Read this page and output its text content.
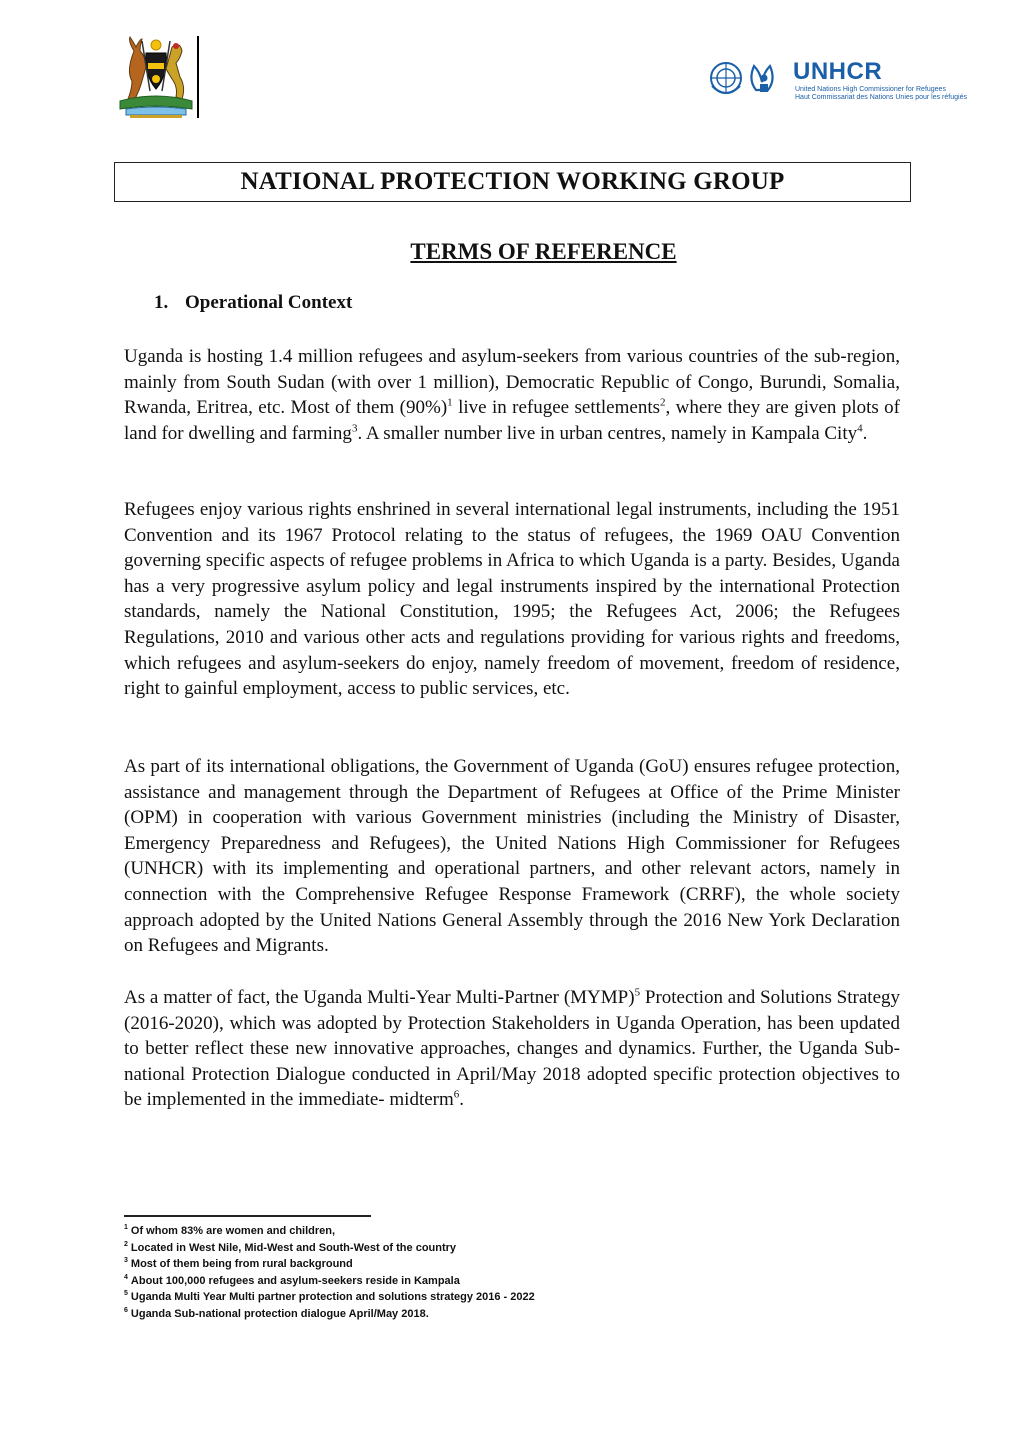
UNHCR
United Nations High Commissioner for Refugees
Haut Commissariat des Nations Unies pour les réfugiés
NATIONAL PROTECTION WORKING GROUP
TERMS OF REFERENCE
1. Operational Context

Uganda is hosting 1.4 million refugees and asylum-seekers from various countries of the sub-region, mainly from South Sudan (with over 1 million), Democratic Republic of Congo, Burundi, Somalia, Rwanda, Eritrea, etc. Most of them $(90\%)^1$ live in refugee settlements$^2$, where they are given plots of land for dwelling and farming$^3$. A smaller number live in urban centres, namely in Kampala City$^4$.

Refugees enjoy various rights enshrined in several international legal instruments, including the 1951 Convention and its 1967 Protocol relating to the status of refugees, the 1969 OAU Convention governing specific aspects of refugee problems in Africa to which Uganda is a party. Besides, Uganda has a very progressive asylum policy and legal instruments inspired by the international Protection standards, namely the National Constitution, 1995; the Refugees Act, 2006; the Refugees Regulations, 2010 and various other acts and regulations providing for various rights and freedoms, which refugees and asylum-seekers do enjoy, namely freedom of movement, freedom of residence, right to gainful employment, access to public services, etc.

As part of its international obligations, the Government of Uganda (GoU) ensures refugee protection, assistance and management through the Department of Refugees at Office of the Prime Minister (OPM) in cooperation with various Government ministries (including the Ministry of Disaster, Emergency Preparedness and Refugees), the United Nations High Commissioner for Refugees (UNHCR) with its implementing and operational partners, and other relevant actors, namely in connection with the Comprehensive Refugee Response Framework (CRRF), the whole society approach adopted by the United Nations General Assembly through the 2016 New York Declaration on Refugees and Migrants.

As a matter of fact, the Uganda Multi-Year Multi-Partner (MYMP)$^5$ Protection and Solutions Strategy (2016-2020), which was adopted by Protection Stakeholders in Uganda Operation, has been updated to better reflect these new innovative approaches, changes and dynamics. Further, the Uganda Sub-national Protection Dialogue conducted in April/May 2018 adopted specific protection objectives to be implemented in the immediate- midterm$^6$.

$^1$ Of whom 83% are women and children,
$^2$ Located in West Nile, Mid-West and South-West of the country
$^3$ Most of them being from rural background
$^4$ About 100,000 refugees and asylum-seekers reside in Kampala
$^5$ Uganda Multi Year Multi partner protection and solutions strategy 2016 - 2022
$^6$ Uganda Sub-national protection dialogue April/May 2018.
